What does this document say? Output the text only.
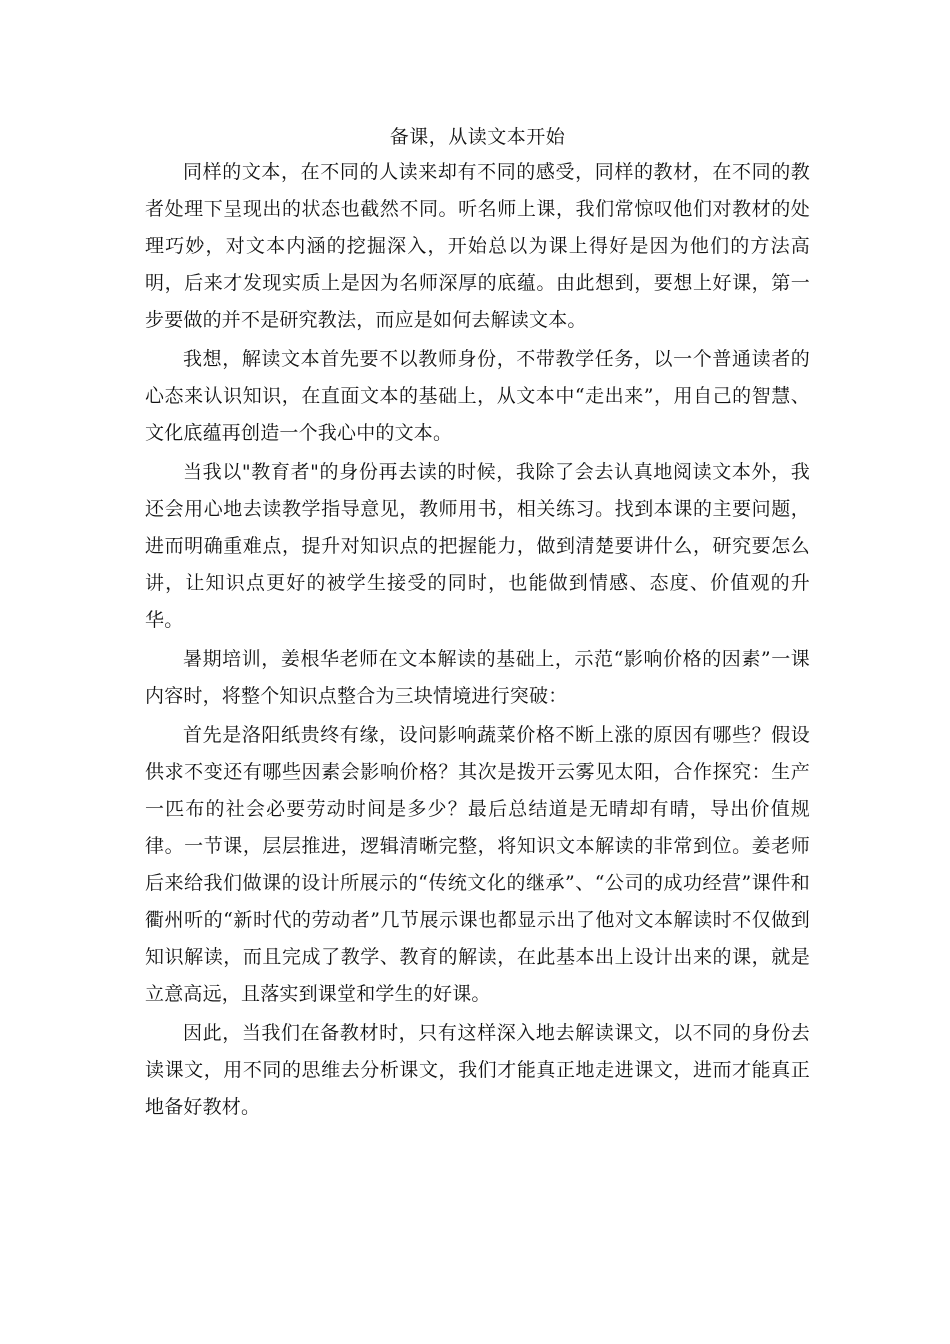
备课，从读文本开始

同样的文本，在不同的人读来却有不同的感受，同样的教材，在不同的教者处理下呈现出的状态也截然不同。听名师上课，我们常惊叹他们对教材的处理巧妙，对文本内涵的挖掘深入，开始总以为课上得好是因为他们的方法高明，后来才发现实质上是因为名师深厚的底蕴。由此想到，要想上好课，第一步要做的并不是研究教法，而应是如何去解读文本。

我想，解读文本首先要不以教师身份，不带教学任务，以一个普通读者的心态来认识知识，在直面文本的基础上，从文本中“走出来”，用自己的智慧、文化底蕴再创造一个我心中的文本。

当我以"教育者"的身份再去读的时候，我除了会去认真地阅读文本外，我还会用心地去读教学指导意见，教师用书，相关练习。找到本课的主要问题，进而明确重难点，提升对知识点的把握能力，做到清楚要讲什么，研究要怎么讲，让知识点更好的被学生接受的同时，也能做到情感、态度、价值观的升华。

暑期培训，姜根华老师在文本解读的基础上，示范“影响价格的因素”一课内容时，将整个知识点整合为三块情境进行突破：

首先是洛阳纸贵终有缘，设问影响蔬菜价格不断上涨的原因有哪些？假设供求不变还有哪些因素会影响价格？其次是拨开云雾见太阳，合作探究：生产一匹布的社会必要劳动时间是多少？最后总结道是无晴却有晴，导出价值规律。一节课，层层推进，逻辑清晰完整，将知识文本解读的非常到位。姜老师后来给我们做课的设计所展示的“传统文化的继承”、“公司的成功经营”课件和衢州听的“新时代的劳动者”几节展示课也都显示出了他对文本解读时不仅做到知识解读，而且完成了教学、教育的解读，在此基本出上设计出来的课，就是立意高远，且落实到课堂和学生的好课。

因此，当我们在备教材时，只有这样深入地去解读课文，以不同的身份去读课文，用不同的思维去分析课文，我们才能真正地走进课文，进而才能真正地备好教材。
